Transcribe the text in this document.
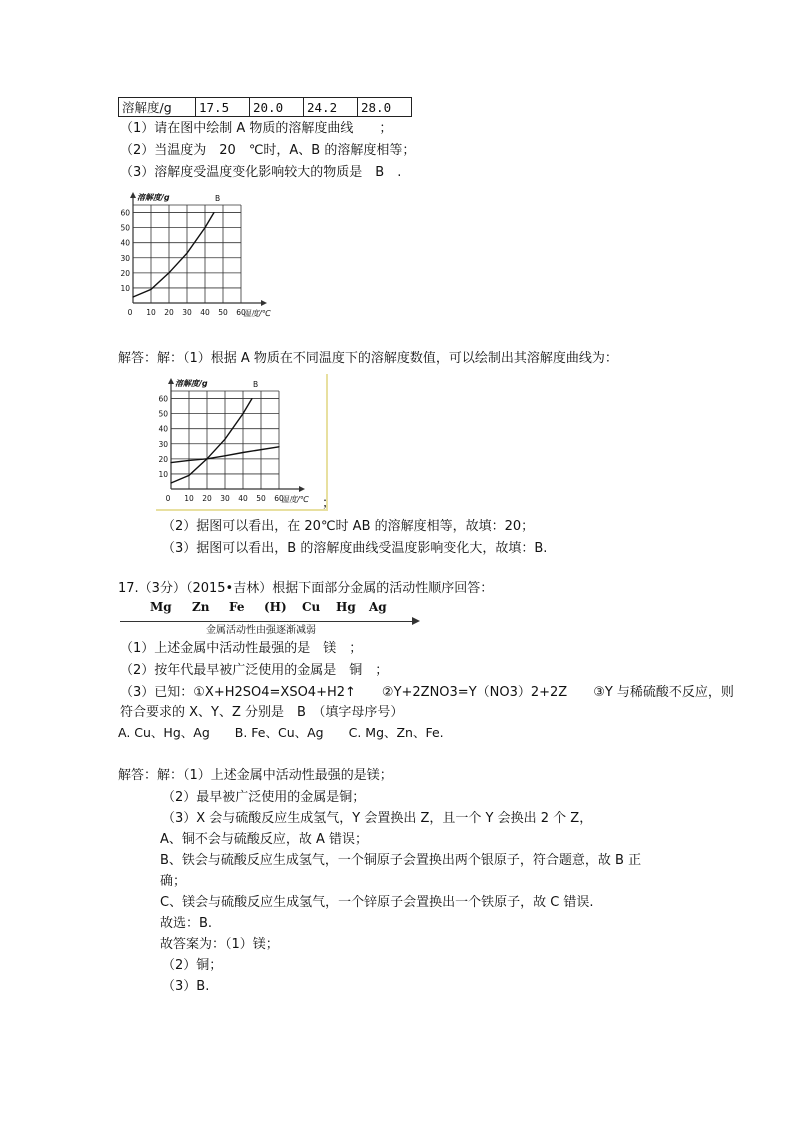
溶解度/g	17.5	20.0	24.2	28.0
（1）请在图中绘制 A 物质的溶解度曲线　　；
（2）当温度为　20　℃时，A、B 的溶解度相等；
（3）溶解度受温度变化影响较大的物质是　B　.
60
50
40
30
20
10
0 10 20 30 40 50 60
溶解度/g
温度/℃
B
解答：解：（1）根据 A 物质在不同温度下的溶解度数值，可以绘制出其溶解度曲线为：
60
50
40
30
20
10
0 10 20 30 40 50 60
溶解度/g
温度/℃
B
；
（2）据图可以看出，在 20℃时 AB 的溶解度相等，故填：20；
（3）据图可以看出，B 的溶解度曲线受温度影响变化大，故填：B.
17.（3分）（2015•吉林）根据下面部分金属的活动性顺序回答：
Mg Zn Fe (H) Cu Hg Ag
金属活动性由强逐渐减弱
（1）上述金属中活动性最强的是　镁　；
（2）按年代最早被广泛使用的金属是　铜　；
（3）已知：①X+H2SO4=XSO4+H2↑　　②Y+2ZNO3=Y（NO3）2+2Z　　③Y 与稀硫酸不反应，则
符合要求的 X、Y、Z 分别是　B　（填字母序号）
A. Cu、Hg、Ag　　B. Fe、Cu、Ag　　C. Mg、Zn、Fe.
解答：解：（1）上述金属中活动性最强的是镁；
（2）最早被广泛使用的金属是铜；
（3）X 会与硫酸反应生成氢气，Y 会置换出 Z，且一个 Y 会换出 2 个 Z，
A、铜不会与硫酸反应，故 A 错误；
B、铁会与硫酸反应生成氢气，一个铜原子会置换出两个银原子，符合题意，故 B 正
确；
C、镁会与硫酸反应生成氢气，一个锌原子会置换出一个铁原子，故 C 错误.
故选：B.
故答案为：（1）镁；
（2）铜；
（3）B.
